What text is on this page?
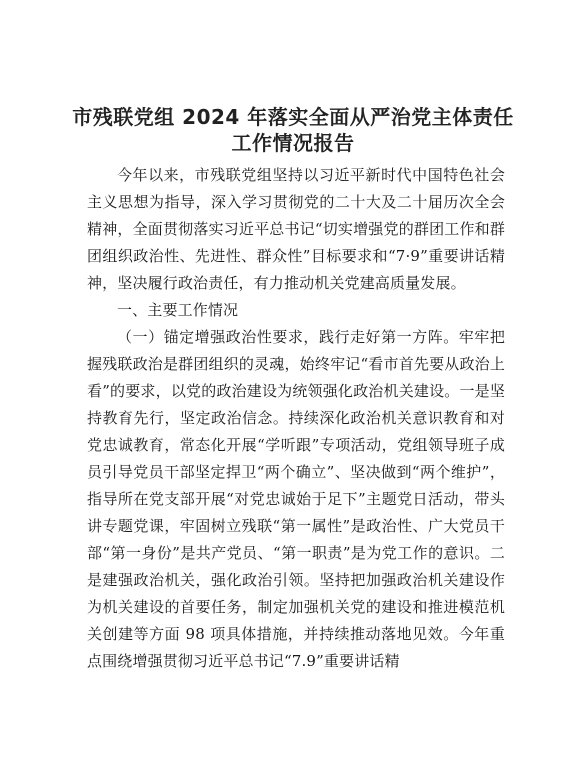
市残联党组 2024 年落实全面从严治党主体责任
工作情况报告

今年以来，市残联党组坚持以习近平新时代中国特色社会主义思想为指导，深入学习贯彻党的二十大及二十届历次全会精神，全面贯彻落实习近平总书记“切实增强党的群团工作和群团组织政治性、先进性、群众性”目标要求和“7·9”重要讲话精神，坚决履行政治责任，有力推动机关党建高质量发展。

一、主要工作情况

（一）锚定增强政治性要求，践行走好第一方阵。牢牢把握残联政治是群团组织的灵魂，始终牢记“看市首先要从政治上看”的要求，以党的政治建设为统领强化政治机关建设。一是坚持教育先行，坚定政治信念。持续深化政治机关意识教育和对党忠诚教育，常态化开展“学听跟”专项活动，党组领导班子成员引导党员干部坚定捍卫“两个确立”、坚决做到“两个维护”，指导所在党支部开展“对党忠诚始于足下”主题党日活动，带头讲专题党课，牢固树立残联“第一属性”是政治性、广大党员干部“第一身份”是共产党员、“第一职责”是为党工作的意识。二是建强政治机关，强化政治引领。坚持把加强政治机关建设作为机关建设的首要任务，制定加强机关党的建设和推进模范机关创建等方面 98 项具体措施，并持续推动落地见效。今年重点围绕增强贯彻习近平总书记“7.9”重要讲话精
